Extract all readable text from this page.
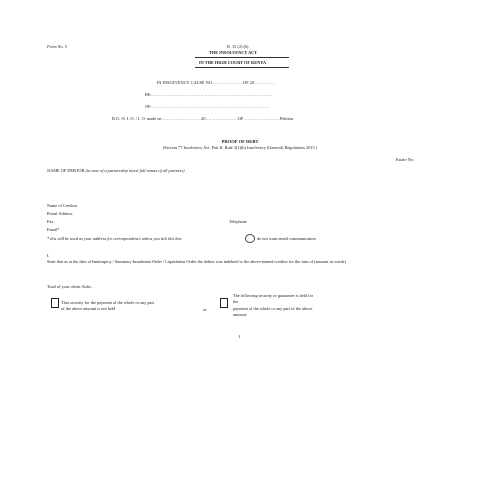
Form No. 5	R. 15 (2) (b)
THE INSOLVENCY ACT
IN THE HIGH COURT OF KENYA
IN INSOLVENCY CAUSE NO………………….OF 20……………
RE:…………………………………………………………………………
OF: ………………………………………………………………………
B.O. /S. I. O. / I. O. made on ………………………20……………..……OF……………………..Petition
PROOF OF DEBT
(Section 77 Insolvency Act. Part II. Rule 3(1)(b) Insolvency (General) Regulations 2015 )
Estate No:
NAME OF DEBTOR (in case of a partnership insert full names of all partners)
Name of Creditor
Postal Address
Fax	Telephone
Email*
* this will be used as your address for correspondence unless you tick this box	do not want email communication
I,
State that as at the date of bankruptcy / Summary Instalment Order / Liquidation Order the debtor was indebted to the above-named creditor for the sum of (amount in words)
Total of your claim: Kshs.
That security for the payment of the whole or any part
of the above amount is not held	or
The following security or guarantee is held for
the
payment of the whole or any part of the above
amount:
1
